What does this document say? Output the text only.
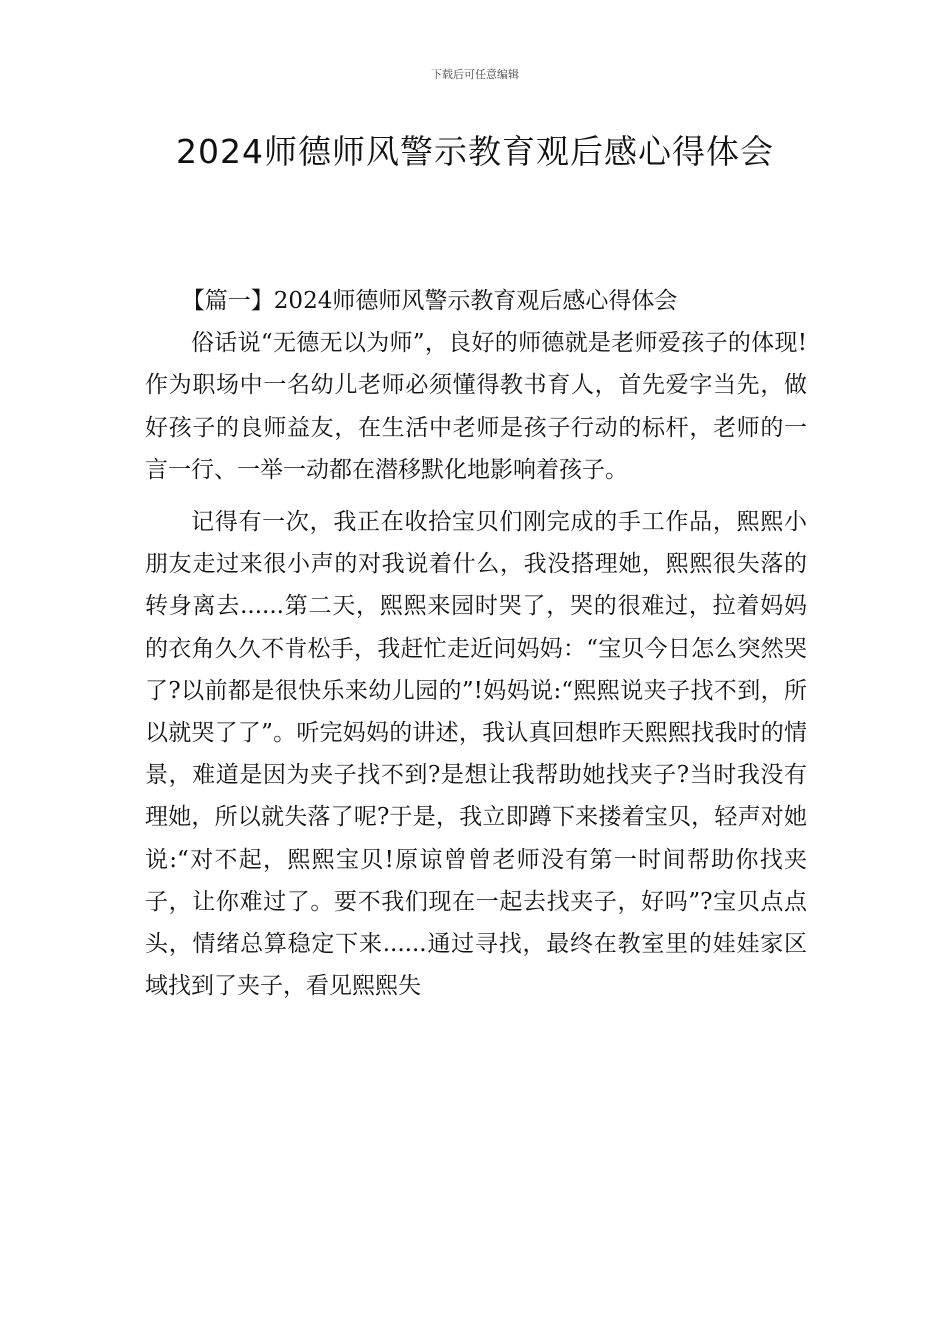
下载后可任意编辑
2024师德师风警示教育观后感心得体会

【篇一】2024师德师风警示教育观后感心得体会

俗话说“无德无以为师”，良好的师德就是老师爱孩子的体现!作为职场中一名幼儿老师必须懂得教书育人，首先爱字当先，做好孩子的良师益友，在生活中老师是孩子行动的标杆，老师的一言一行、一举一动都在潜移默化地影响着孩子。

记得有一次，我正在收拾宝贝们刚完成的手工作品，熙熙小朋友走过来很小声的对我说着什么，我没搭理她，熙熙很失落的转身离去......第二天，熙熙来园时哭了，哭的很难过，拉着妈妈的衣角久久不肯松手，我赶忙走近问妈妈：“宝贝今日怎么突然哭了?以前都是很快乐来幼儿园的”!妈妈说:“熙熙说夹子找不到，所以就哭了了”。听完妈妈的讲述，我认真回想昨天熙熙找我时的情景，难道是因为夹子找不到?是想让我帮助她找夹子?当时我没有理她，所以就失落了呢?于是，我立即蹲下来搂着宝贝，轻声对她说:“对不起，熙熙宝贝!原谅曾曾老师没有第一时间帮助你找夹子，让你难过了。要不我们现在一起去找夹子，好吗”?宝贝点点头，情绪总算稳定下来......通过寻找，最终在教室里的娃娃家区域找到了夹子，看见熙熙失
